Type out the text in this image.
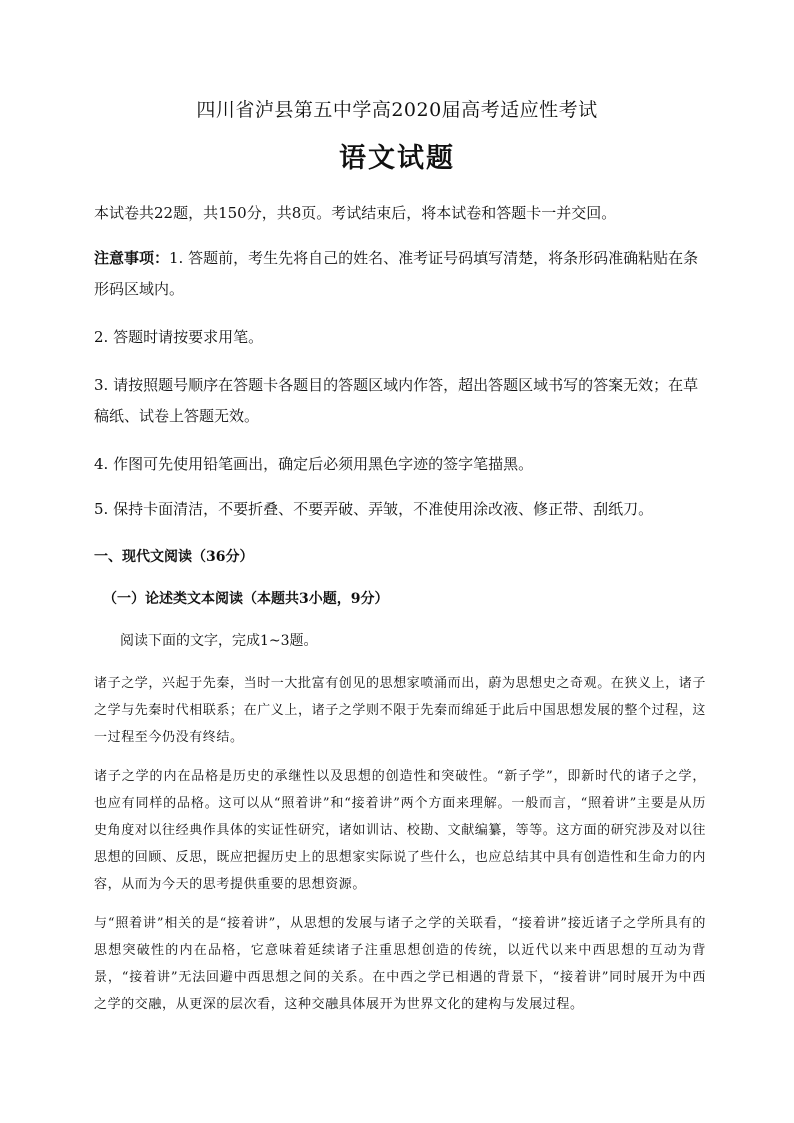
四川省泸县第五中学高2020届高考适应性考试
语文试题
本试卷共22题，共150分，共8页。考试结束后，将本试卷和答题卡一并交回。
注意事项：1. 答题前，考生先将自己的姓名、准考证号码填写清楚，将条形码准确粘贴在条形码区域内。
2. 答题时请按要求用笔。
3. 请按照题号顺序在答题卡各题目的答题区域内作答，超出答题区域书写的答案无效；在草稿纸、试卷上答题无效。
4. 作图可先使用铅笔画出，确定后必须用黑色字迹的签字笔描黑。
5. 保持卡面清洁，不要折叠、不要弄破、弄皱，不准使用涂改液、修正带、刮纸刀。
一、现代文阅读（36分）
（一）论述类文本阅读（本题共3小题，9分）
阅读下面的文字，完成1~3题。
诸子之学，兴起于先秦，当时一大批富有创见的思想家喷涌而出，蔚为思想史之奇观。在狭义上，诸子之学与先秦时代相联系；在广义上，诸子之学则不限于先秦而绵延于此后中国思想发展的整个过程，这一过程至今仍没有终结。
诸子之学的内在品格是历史的承继性以及思想的创造性和突破性。“新子学”，即新时代的诸子之学，也应有同样的品格。这可以从“照着讲”和“接着讲”两个方面来理解。一般而言，“照着讲”主要是从历史角度对以往经典作具体的实证性研究，诸如训诂、校勘、文献编纂，等等。这方面的研究涉及对以往思想的回顾、反思，既应把握历史上的思想家实际说了些什么，也应总结其中具有创造性和生命力的内容，从而为今天的思考提供重要的思想资源。
与“照着讲”相关的是“接着讲”，从思想的发展与诸子之学的关联看，“接着讲”接近诸子之学所具有的思想突破性的内在品格，它意味着延续诸子注重思想创造的传统，以近代以来中西思想的互动为背景，“接着讲”无法回避中西思想之间的关系。在中西之学已相遇的背景下，“接着讲”同时展开为中西之学的交融，从更深的层次看，这种交融具体展开为世界文化的建构与发展过程。
